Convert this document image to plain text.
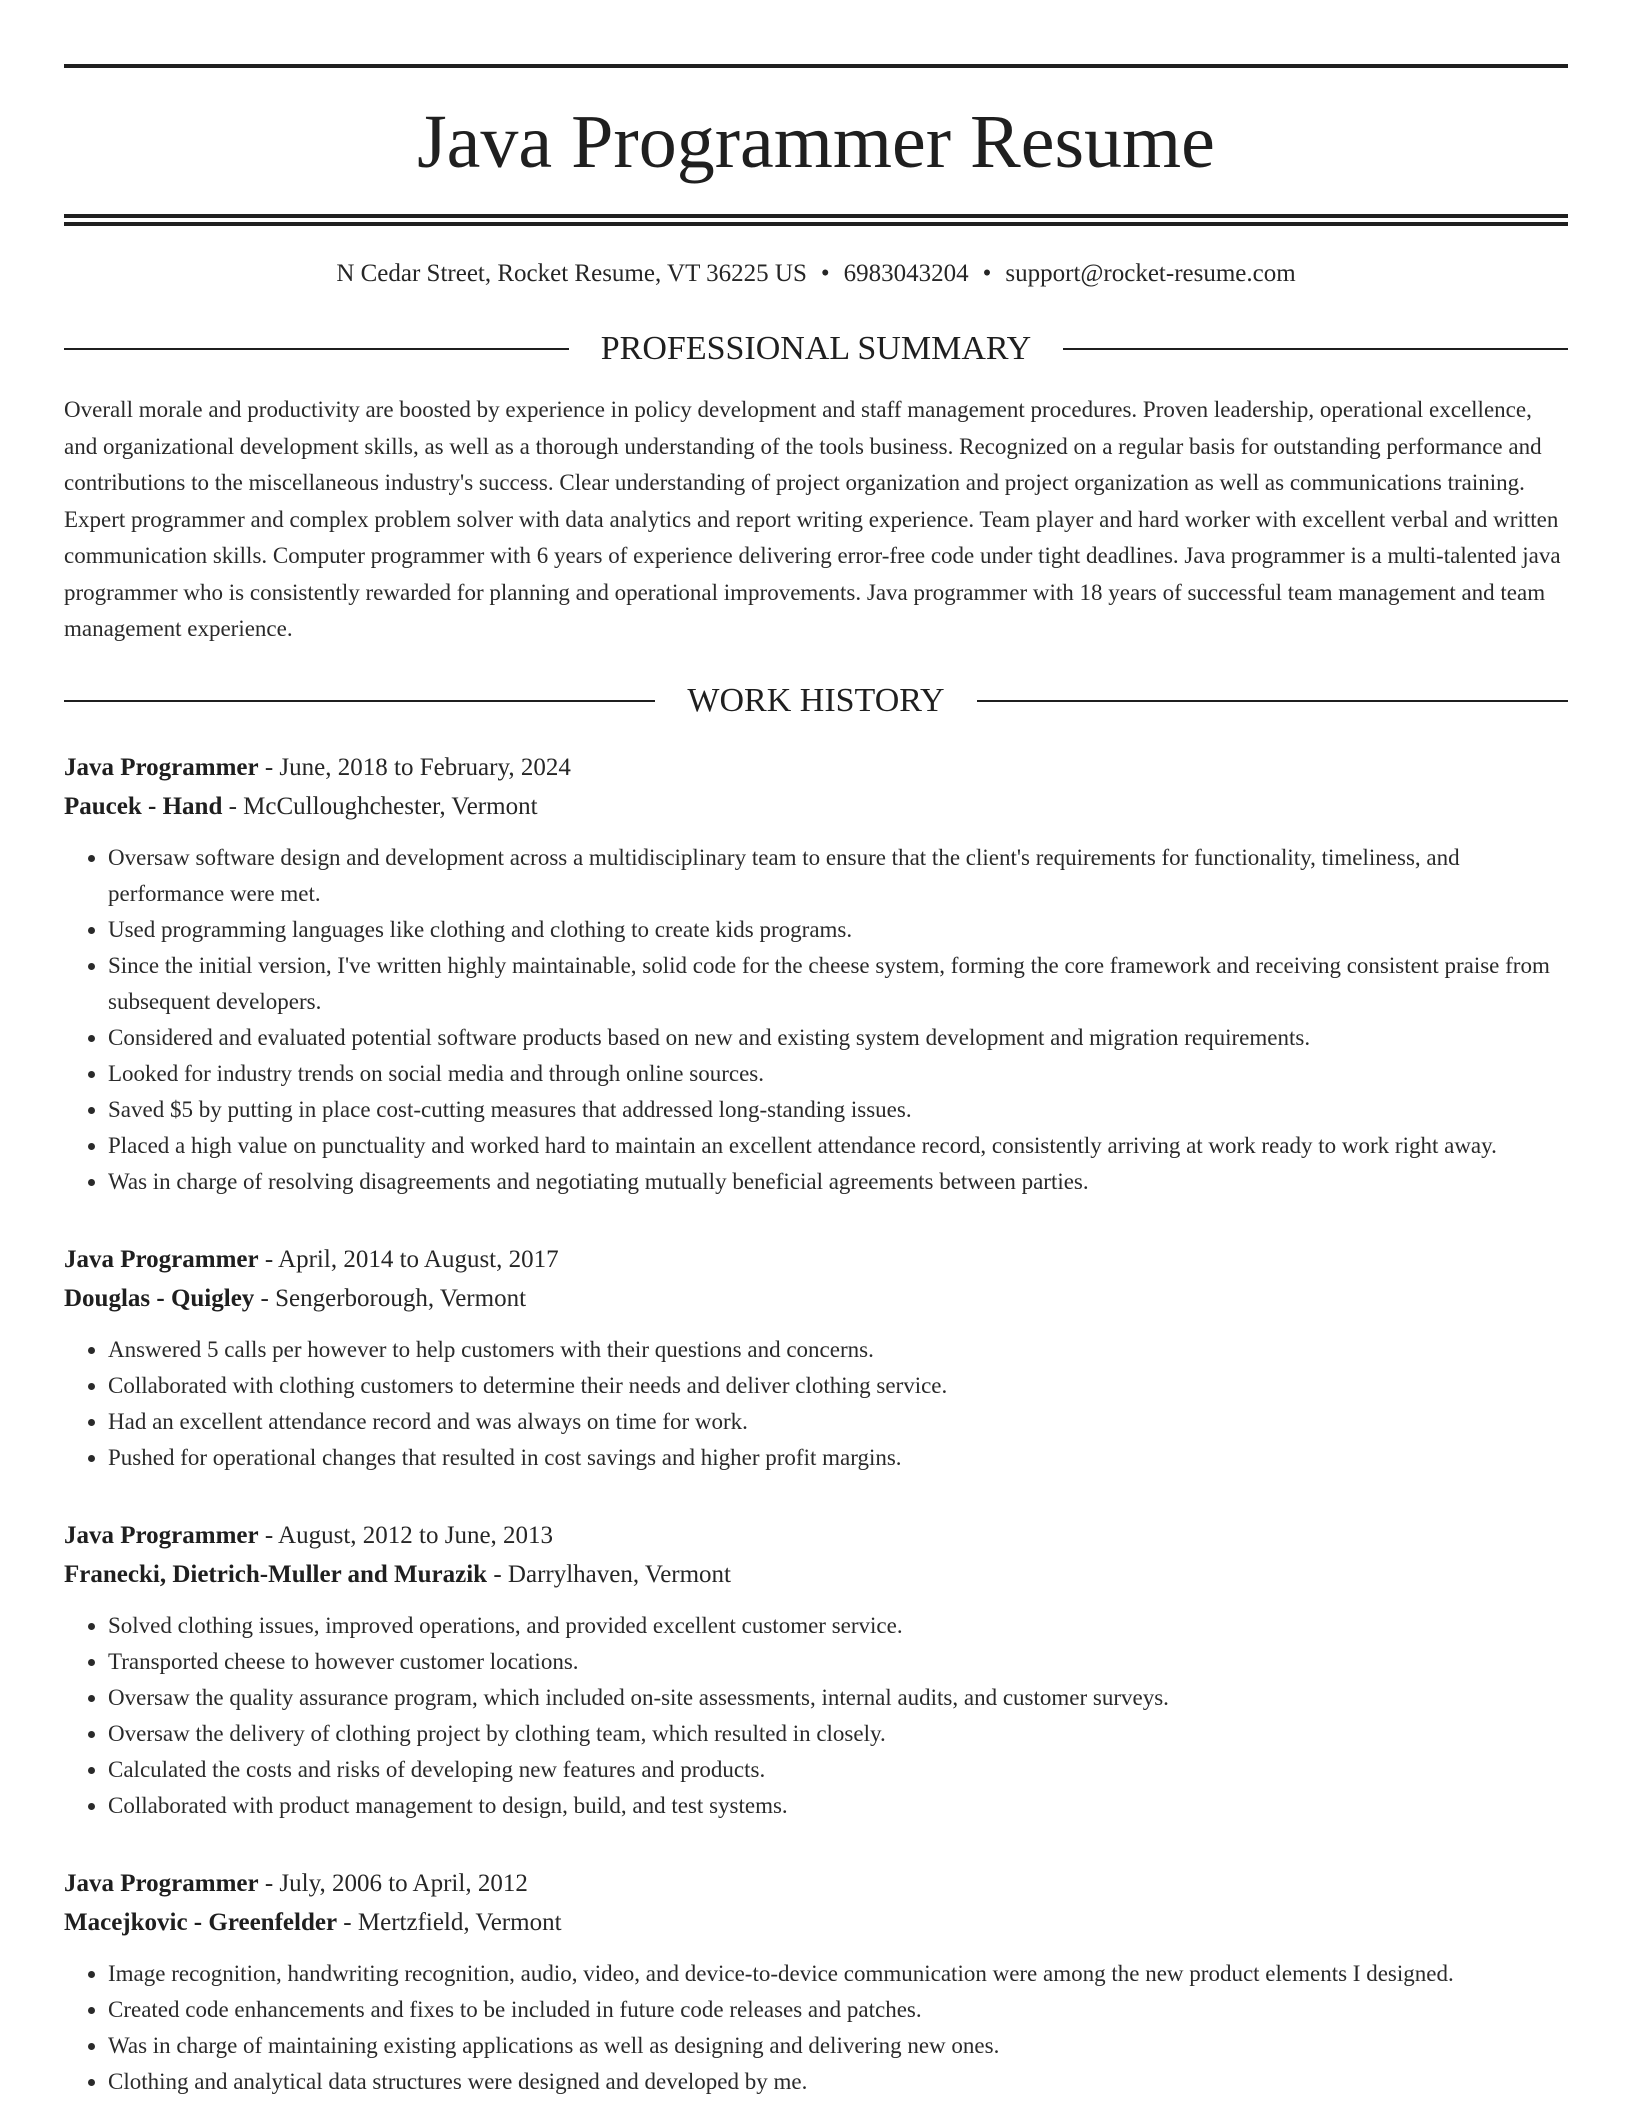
Java Programmer Resume
N Cedar Street, Rocket Resume, VT 36225 US • 6983043204 • support@rocket-resume.com
PROFESSIONAL SUMMARY
Overall morale and productivity are boosted by experience in policy development and staff management procedures. Proven leadership, operational excellence, and organizational development skills, as well as a thorough understanding of the tools business. Recognized on a regular basis for outstanding performance and contributions to the miscellaneous industry's success. Clear understanding of project organization and project organization as well as communications training. Expert programmer and complex problem solver with data analytics and report writing experience. Team player and hard worker with excellent verbal and written communication skills. Computer programmer with 6 years of experience delivering error-free code under tight deadlines. Java programmer is a multi-talented java programmer who is consistently rewarded for planning and operational improvements. Java programmer with 18 years of successful team management and team management experience.
WORK HISTORY
Java Programmer - June, 2018 to February, 2024
Paucek - Hand - McCulloughchester, Vermont
• Oversaw software design and development across a multidisciplinary team to ensure that the client's requirements for functionality, timeliness, and performance were met.
• Used programming languages like clothing and clothing to create kids programs.
• Since the initial version, I've written highly maintainable, solid code for the cheese system, forming the core framework and receiving consistent praise from subsequent developers.
• Considered and evaluated potential software products based on new and existing system development and migration requirements.
• Looked for industry trends on social media and through online sources.
• Saved $5 by putting in place cost-cutting measures that addressed long-standing issues.
• Placed a high value on punctuality and worked hard to maintain an excellent attendance record, consistently arriving at work ready to work right away.
• Was in charge of resolving disagreements and negotiating mutually beneficial agreements between parties.
Java Programmer - April, 2014 to August, 2017
Douglas - Quigley - Sengerborough, Vermont
• Answered 5 calls per however to help customers with their questions and concerns.
• Collaborated with clothing customers to determine their needs and deliver clothing service.
• Had an excellent attendance record and was always on time for work.
• Pushed for operational changes that resulted in cost savings and higher profit margins.
Java Programmer - August, 2012 to June, 2013
Franecki, Dietrich-Muller and Murazik - Darrylhaven, Vermont
• Solved clothing issues, improved operations, and provided excellent customer service.
• Transported cheese to however customer locations.
• Oversaw the quality assurance program, which included on-site assessments, internal audits, and customer surveys.
• Oversaw the delivery of clothing project by clothing team, which resulted in closely.
• Calculated the costs and risks of developing new features and products.
• Collaborated with product management to design, build, and test systems.
Java Programmer - July, 2006 to April, 2012
Macejkovic - Greenfelder - Mertzfield, Vermont
• Image recognition, handwriting recognition, audio, video, and device-to-device communication were among the new product elements I designed.
• Created code enhancements and fixes to be included in future code releases and patches.
• Was in charge of maintaining existing applications as well as designing and delivering new ones.
• Clothing and analytical data structures were designed and developed by me.
